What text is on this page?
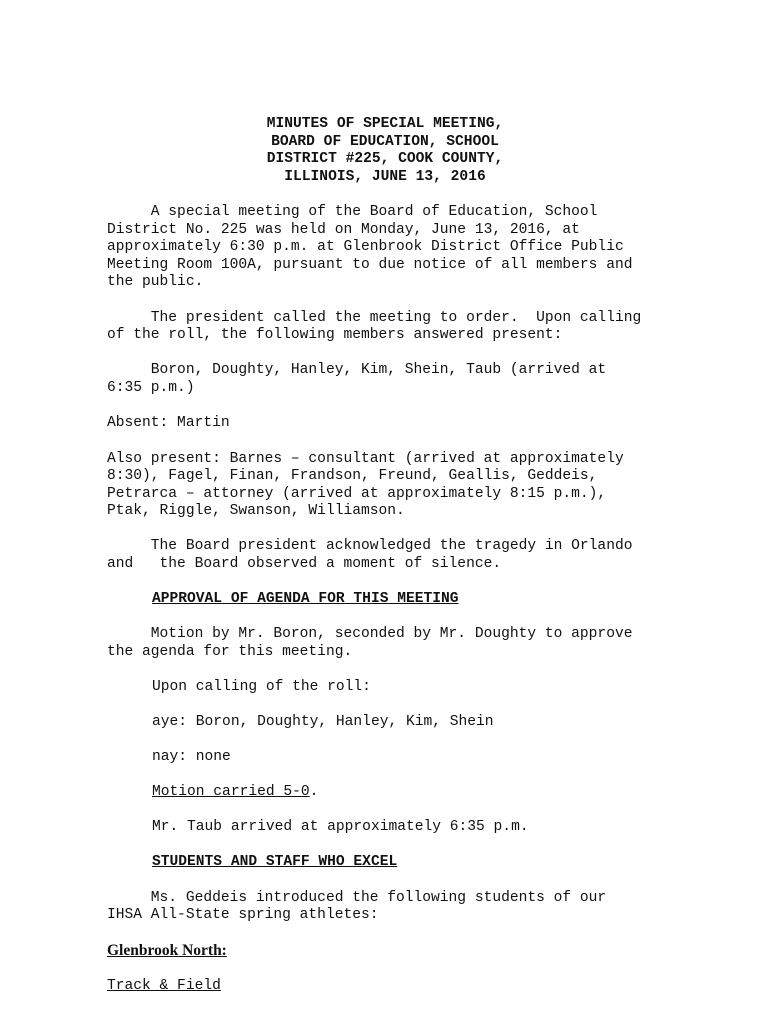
MINUTES OF SPECIAL MEETING,
BOARD OF EDUCATION, SCHOOL
DISTRICT #225, COOK COUNTY,
ILLINOIS, JUNE 13, 2016
A special meeting of the Board of Education, School
District No. 225 was held on Monday, June 13, 2016, at
approximately 6:30 p.m. at Glenbrook District Office Public
Meeting Room 100A, pursuant to due notice of all members and
the public.
The president called the meeting to order.  Upon calling
of the roll, the following members answered present:
Boron, Doughty, Hanley, Kim, Shein, Taub (arrived at
6:35 p.m.)
Absent: Martin
Also present: Barnes – consultant (arrived at approximately
8:30), Fagel, Finan, Frandson, Freund, Geallis, Geddeis,
Petrarca – attorney (arrived at approximately 8:15 p.m.),
Ptak, Riggle, Swanson, Williamson.
The Board president acknowledged the tragedy in Orlando
and   the Board observed a moment of silence.
APPROVAL OF AGENDA FOR THIS MEETING
Motion by Mr. Boron, seconded by Mr. Doughty to approve
the agenda for this meeting.
Upon calling of the roll:
aye: Boron, Doughty, Hanley, Kim, Shein
nay: none
Motion carried 5-0.
Mr. Taub arrived at approximately 6:35 p.m.
STUDENTS AND STAFF WHO EXCEL
Ms. Geddeis introduced the following students of our
IHSA All-State spring athletes:
Glenbrook North:
Track & Field
